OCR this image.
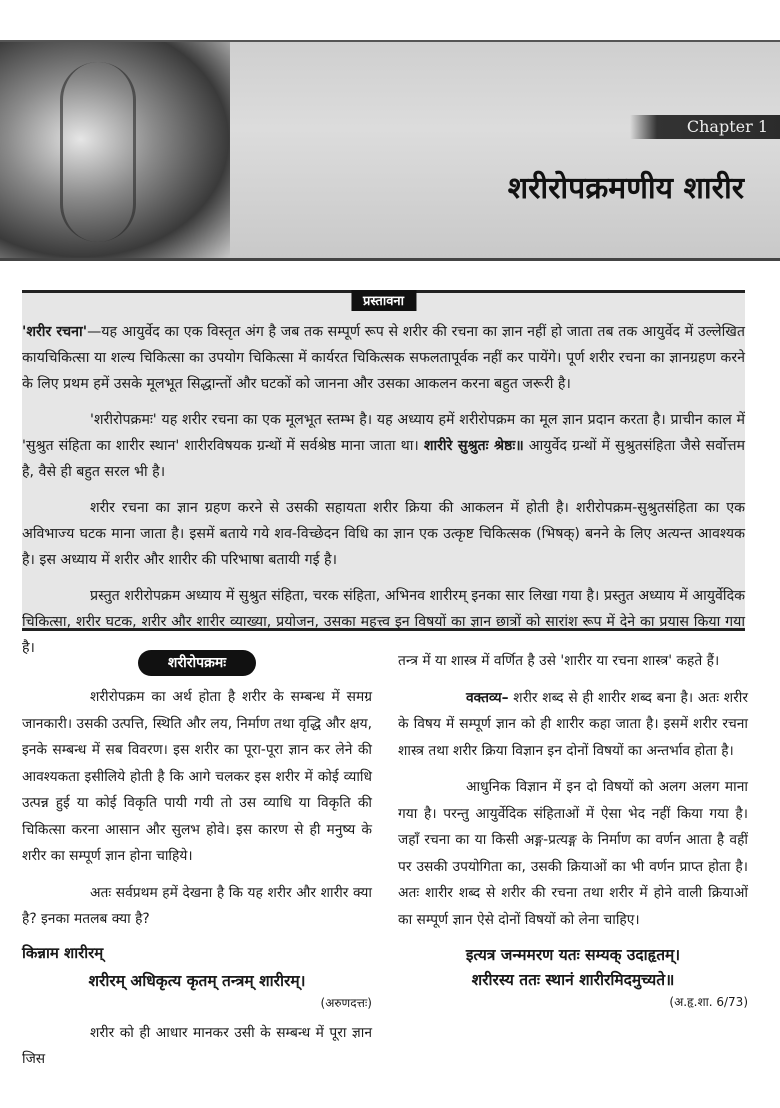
Chapter 1
शरीरोपक्रमणीय शारीर
प्रस्तावना

'शरीर रचना'—यह आयुर्वेद का एक विस्तृत अंग है जब तक सम्पूर्ण रूप से शरीर की रचना का ज्ञान नहीं हो जाता तब तक आयुर्वेद में उल्लेखित कायचिकित्सा या शल्य चिकित्सा का उपयोग चिकित्सा में कार्यरत चिकित्सक सफलतापूर्वक नहीं कर पायेंगे। पूर्ण शरीर रचना का ज्ञानग्रहण करने के लिए प्रथम हमें उसके मूलभूत सिद्धान्तों और घटकों को जानना और उसका आकलन करना बहुत जरूरी है।

'शरीरोपक्रमः' यह शरीर रचना का एक मूलभूत स्तम्भ है। यह अध्याय हमें शरीरोपक्रम का मूल ज्ञान प्रदान करता है। प्राचीन काल में 'सुश्रुत संहिता का शारीर स्थान' शारीरविषयक ग्रन्थों में सर्वश्रेष्ठ माना जाता था। शारीरे सुश्रुतः श्रेष्ठः॥ आयुर्वेद ग्रन्थों में सुश्रुतसंहिता जैसे सर्वोत्तम है, वैसे ही बहुत सरल भी है।

शरीर रचना का ज्ञान ग्रहण करने से उसकी सहायता शरीर क्रिया की आकलन में होती है। शरीरोपक्रम-सुश्रुतसंहिता का एक अविभाज्य घटक माना जाता है। इसमें बताये गये शव-विच्छेदन विधि का ज्ञान एक उत्कृष्ट चिकित्सक (भिषक्) बनने के लिए अत्यन्त आवश्यक है। इस अध्याय में शरीर और शारीर की परिभाषा बतायी गई है।

प्रस्तुत शरीरोपक्रम अध्याय में सुश्रुत संहिता, चरक संहिता, अभिनव शारीरम् इनका सार लिखा गया है। प्रस्तुत अध्याय में आयुर्वेदिक चिकित्सा, शरीर घटक, शरीर और शारीर व्याख्या, प्रयोजन, उसका महत्त्व इन विषयों का ज्ञान छात्रों को सारांश रूप में देने का प्रयास किया गया है।

शरीरोपक्रमः

शरीरोपक्रम का अर्थ होता है शरीर के सम्बन्ध में समग्र जानकारी। उसकी उत्पत्ति, स्थिति और लय, निर्माण तथा वृद्धि और क्षय, इनके सम्बन्ध में सब विवरण। इस शरीर का पूरा-पूरा ज्ञान कर लेने की आवश्यकता इसीलिये होती है कि आगे चलकर इस शरीर में कोई व्याधि उत्पन्न हुई या कोई विकृति पायी गयी तो उस व्याधि या विकृति की चिकित्सा करना आसान और सुलभ होवे। इस कारण से ही मनुष्य के शरीर का सम्पूर्ण ज्ञान होना चाहिये।

अतः सर्वप्रथम हमें देखना है कि यह शरीर और शारीर क्या है? इनका मतलब क्या है?

किन्नाम शारीरम्
शरीरम् अधिकृत्य कृतम् तन्त्रम् शारीरम्।
(अरुणदत्तः)

शरीर को ही आधार मानकर उसी के सम्बन्ध में पूरा ज्ञान जिस

तन्त्र में या शास्त्र में वर्णित है उसे 'शारीर या रचना शास्त्र' कहते हैं।

वक्तव्य– शरीर शब्द से ही शारीर शब्द बना है। अतः शरीर के विषय में सम्पूर्ण ज्ञान को ही शारीर कहा जाता है। इसमें शरीर रचना शास्त्र तथा शरीर क्रिया विज्ञान इन दोनों विषयों का अन्तर्भाव होता है।

आधुनिक विज्ञान में इन दो विषयों को अलग अलग माना गया है। परन्तु आयुर्वेदिक संहिताओं में ऐसा भेद नहीं किया गया है। जहाँ रचना का या किसी अङ्ग-प्रत्यङ्ग के निर्माण का वर्णन आता है वहीं पर उसकी उपयोगिता का, उसकी क्रियाओं का भी वर्णन प्राप्त होता है। अतः शारीर शब्द से शरीर की रचना तथा शरीर में होने वाली क्रियाओं का सम्पूर्ण ज्ञान ऐसे दोनों विषयों को लेना चाहिए।

इत्यत्र जन्ममरण यतः सम्यक् उदाहृतम्।
शरीरस्य ततः स्थानं शारीरमिदमुच्यते॥
(अ.हृ.शा. 6/73)
